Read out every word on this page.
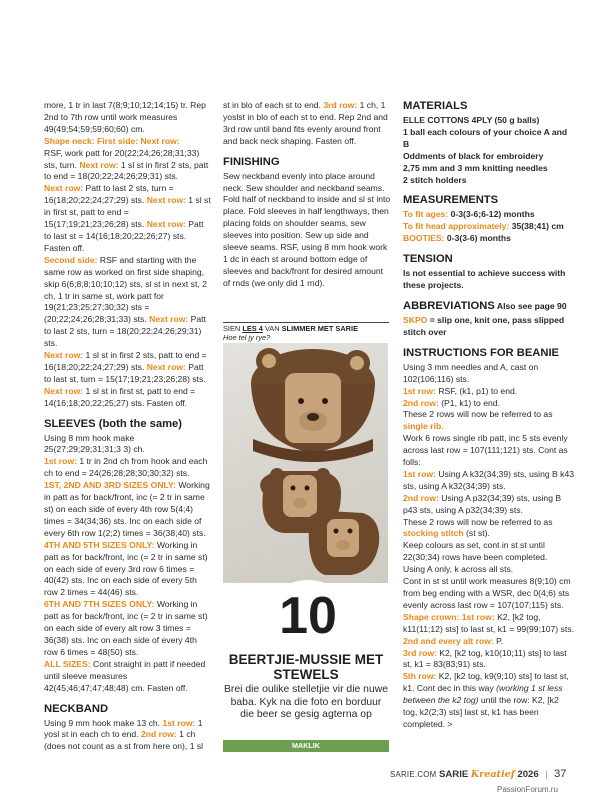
more, 1 tr in last 7(8;9;10;12;14;15) tr. Rep 2nd to 7th row until work measures 49(49;54;59;59;60;60) cm.

Shape neck: First side: Next row:

RSF, work patt for 20(22;24;26;28;31;33) sts, turn. Next row: 1 sl st in first 2 sts, patt to end = 18(20;22;24;26;29;31) sts.

Next row: Patt to last 2 sts, turn = 16(18;20;22;24;27;29) sts. Next row: 1 sl st in first st, patt to end = 15(17;19;21;23;26;28) sts. Next row: Patt to last st = 14(16;18;20;22;26;27) sts. Fasten off.

Second side: RSF and starting with the same row as worked on first side shaping, skip 6(6;8;8;10;10;12) sts, sl st in next st, 2 ch, 1 tr in same st, work patt for 19(21;23;25;27;30;32) sts = (20;22;24;26;28;31;33) sts. Next row: Patt to last 2 sts, turn = 18(20;22;24;26;29;31) sts.

Next row: 1 sl st in first 2 sts, patt to end = 16(18;20;22;24;27;29) sts. Next row: Patt to last st, turn = 15(17;19;21;23;26;28) sts.

Next row: 1 sl st in first st, patt to end = 14(16;18;20;22;25;27) sts. Fasten off.

SLEEVES (both the same)

Using 8 mm hook make 25(27;29;29;31;31;3 3) ch.

1st row: 1 tr in 2nd ch from hook and each ch to end = 24(26;28;28;30;30;32) sts.

1ST, 2ND AND 3RD SIZES ONLY: Working in patt as for back/front, inc (= 2 tr in same st) on each side of every 4th row 5(4;4) times = 34(34;36) sts. Inc on each side of every 6th row 1(2;2) times = 36(38;40) sts.

4TH AND 5TH SIZES ONLY: Working in patt as for back/front, inc (= 2 tr in same st) on each side of every 3rd row 6 times = 40(42) sts. Inc on each side of every 5th row 2 times = 44(46) sts.

6TH AND 7TH SIZES ONLY: Working in patt as for back/front, inc (= 2 tr in same st) on each side of every alt row 3 times = 36(38) sts. Inc on each side of every 4th row 6 times = 48(50) sts.

ALL SIZES: Cont straight in patt if needed until sleeve measures 42(45;46;47;47;48;48) cm. Fasten off.

NECKBAND

Using 9 mm hook make 13 ch. 1st row: 1 yosl st in each ch to end. 2nd row: 1 ch (does not count as a st from here on), 1 sl

st in blo of each st to end. 3rd row: 1 ch, 1 yoslst in blo of each st to end. Rep 2nd and 3rd row until band fits evenly around front and back neck shaping. Fasten off.

FINISHING

Sew neckband evenly into place around neck. Sew shoulder and neckband seams. Fold half of neckband to inside and sl st into place. Fold sleeves in half lengthways, then placing folds on shoulder seams, sew sleeves into position. Sew up side and sleeve seams. RSF, using 8 mm hook work 1 dc in each st around bottom edge of sleeves and back/front for desired amount of rnds (we only did 1 rnd).

SIEN LES 4 VAN SLIMMER MET SARIE
Hoe tel jy rye?
10
BEERTJIE-MUSSIE MET STEWELS
Brei die oulike stelletjie vir die nuwe baba. Kyk na die foto en borduur die beer se gesig agterna op
MAKLIK
MATERIALS

ELLE COTTONS 4PLY (50 g balls)

1 ball each colours of your choice A and B

Oddments of black for embroidery

2,75 mm and 3 mm knitting needles

2 stitch holders

MEASUREMENTS

To fit ages: 0-3(3-6;6-12) months

To fit head approximately: 35(38;41) cm

BOOTIES: 0-3(3-6) months

TENSION

Is not essential to achieve success with these projects.

ABBREVIATIONS Also see page 90

SKPO = slip one, knit one, pass slipped stitch over

INSTRUCTIONS FOR BEANIE

Using 3 mm needles and A, cast on 102(106;116) sts.

1st row: RSF, (k1, p1) to end.

2nd row: (P1, k1) to end.

These 2 rows will now be referred to as single rib.

Work 6 rows single rib patt, inc 5 sts evenly across last row = 107(111;121) sts. Cont as folls:

1st row: Using A k32(34;39) sts, using B k43 sts, using A k32(34;39) sts.

2nd row: Using A p32(34;39) sts, using B p43 sts, using A p32(34;39) sts.

These 2 rows will now be referred to as stocking stitch (st st).

Keep colours as set, cont in st st until 22(30;34) rows have been completed.

Using A only, k across all sts.

Cont in st st until work measures 8(9;10) cm from beg ending with a WSR, dec 0(4;6) sts evenly across last row = 107(107;115) sts.

Shape crown: 1st row: K2, [k2 tog, k11(11;12) sts] to last st, k1 = 99(99;107) sts.

2nd and every alt row: P.

3rd row: K2, [k2 tog, k10(10;11) sts] to last st, k1 = 83(83;91) sts.

5th row: K2, [k2 tog, k9(9;10) sts] to last st, k1. Cont dec in this way (working 1 st less between the k2 tog) until the row: K2, [k2 tog, k2(2;3) sts] last st, k1 has been completed. >

SARIE.COM SARIE Kreatief 2026 | 37
PassionForum.ru
